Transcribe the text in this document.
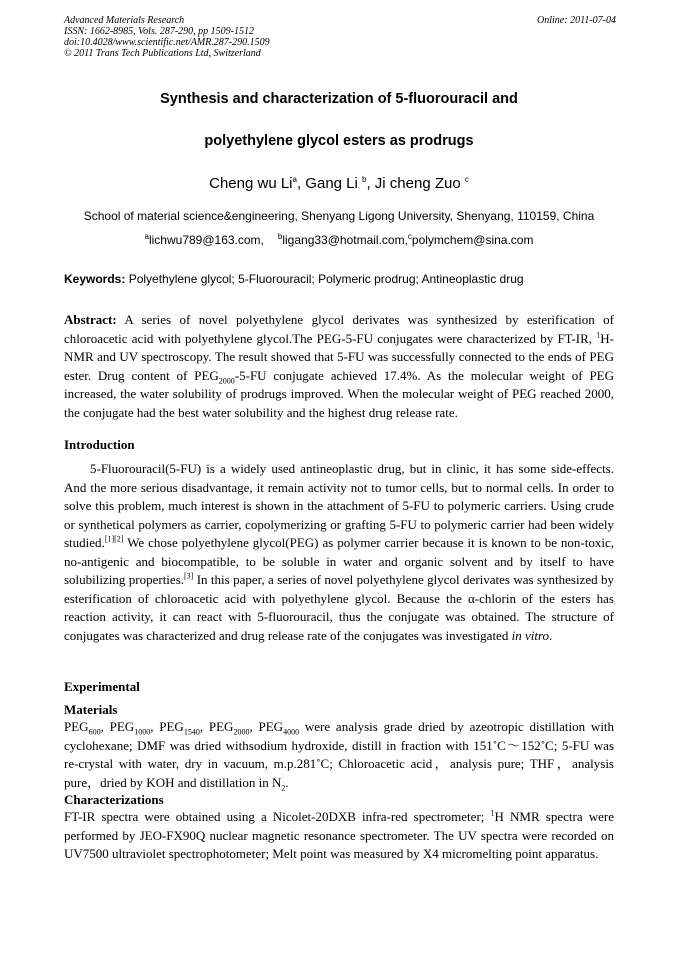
Advanced Materials Research
ISSN: 1662-8985, Vols. 287-290, pp 1509-1512
doi:10.4028/www.scientific.net/AMR.287-290.1509
© 2011 Trans Tech Publications Ltd, Switzerland
Online: 2011-07-04
Synthesis and characterization of 5-fluorouracil and
polyethylene glycol esters as prodrugs
Cheng wu Li$^a$, Gang Li $^b$, Ji cheng Zuo $^c$
School of material science&engineering, Shenyang Ligong University, Shenyang, 110159, China
$^a$lichwu789@163.com, $^b$ligang33@hotmail.com,$^c$polymchem@sina.com
Keywords: Polyethylene glycol; 5-Fluorouracil; Polymeric prodrug; Antineoplastic drug
Abstract: A series of novel polyethylene glycol derivates was synthesized by esterification of chloroacetic acid with polyethylene glycol.The PEG-5-FU conjugates were characterized by FT-IR, $^1$H-NMR and UV spectroscopy. The result showed that 5-FU was successfully connected to the ends of PEG ester. Drug content of $PEG_{2000}-5-FU$ conjugate achieved 17.4%. As the molecular weight of PEG increased, the water solubility of prodrugs improved. When the molecular weight of PEG reached 2000, the conjugate had the best water solubility and the highest drug release rate.
Introduction
5-Fluorouracil(5-FU) is a widely used antineoplastic drug, but in clinic, it has some side-effects. And the more serious disadvantage, it remain activity not to tumor cells, but to normal cells. In order to solve this problem, much interest is shown in the attachment of 5-FU to polymeric carriers. Using crude or synthetical polymers as carrier, copolymerizing or grafting 5-FU to polymeric carrier had been widely studied.[1][2] We chose polyethylene glycol(PEG) as polymer carrier because it is known to be non-toxic, no-antigenic and biocompatible, to be soluble in water and organic solvent and by itself to have solubilizing properties.[3] In this paper, a series of novel polyethylene glycol derivates was synthesized by esterification of chloroacetic acid with polyethylene glycol. Because the α-chlorin of the esters has reaction activity, it can react with 5-fluorouracil, thus the conjugate was obtained. The structure of conjugates was characterized and drug release rate of the conjugates was investigated in vitro.
Experimental
Materials
$PEG_{600}$, $PEG_{1000}$, $PEG_{1540}$, $PEG_{2000}$, $PEG_{4000}$ were analysis grade dried by azeotropic distillation with cyclohexane; DMF was dried withsodium hydroxide, distill in fraction with 151˚C～152˚C; 5-FU was re-crystal with water, dry in vacuum, m.p.281˚C; Chloroacetic acid，analysis pure; THF，analysis pure，dried by KOH and distillation in $N_2$.
Characterizations
FT-IR spectra were obtained using a Nicolet-20DXB infra-red spectrometer; $^1$H NMR spectra were performed by JEO-FX90Q nuclear magnetic resonance spectrometer. The UV spectra were recorded on UV7500 ultraviolet spectrophotometer; Melt point was measured by X4 micromelting point apparatus.
